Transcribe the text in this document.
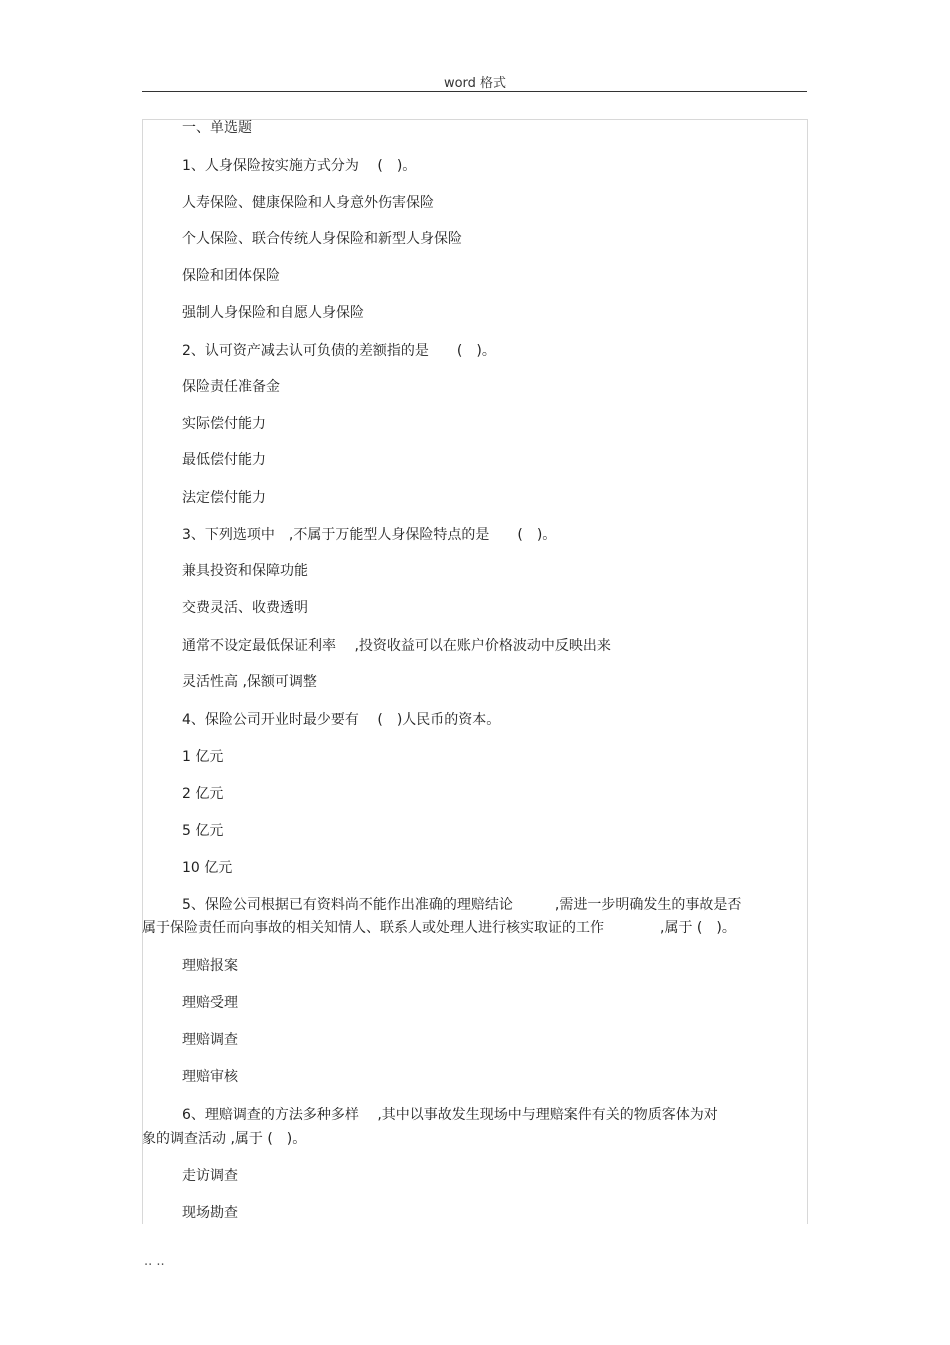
word 格式
一、单选题
1、人身保险按实施方式分为　 (　)。
人寿保险、健康保险和人身意外伤害保险
个人保险、联合传统人身保险和新型人身保险
保险和团体保险
强制人身保险和自愿人身保险
2、认可资产减去认可负债的差额指的是　　(　)。
保险责任准备金
实际偿付能力
最低偿付能力
法定偿付能力
3、下列选项中　,不属于万能型人身保险特点的是　　(　)。
兼具投资和保障功能
交费灵活、收费透明
通常不设定最低保证利率　 ,投资收益可以在账户价格波动中反映出来
灵活性高 ,保额可调整
4、保险公司开业时最少要有　 (　)人民币的资本。
1 亿元
2 亿元
5 亿元
10 亿元
5、保险公司根据已有资料尚不能作出准确的理赔结论　　　,需进一步明确发生的事故是否
属于保险责任而向事故的相关知情人、联系人或处理人进行核实取证的工作　　　　,属于 (　)。
理赔报案
理赔受理
理赔调查
理赔审核
6、理赔调查的方法多种多样　 ,其中以事故发生现场中与理赔案件有关的物质客体为对
象的调查活动 ,属于 (　)。
走访调查
现场勘查
.. ..
